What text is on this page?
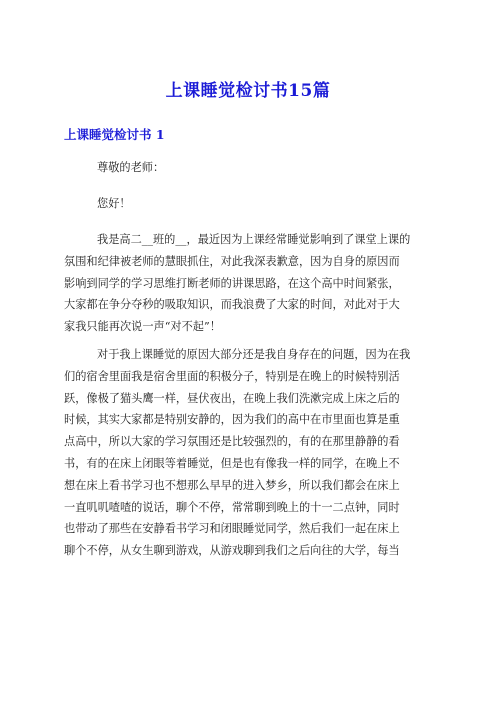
上课睡觉检讨书15篇
上课睡觉检讨书 1
尊敬的老师：
您好！
我是高二__班的__，最近因为上课经常睡觉影响到了课堂上课的
氛围和纪律被老师的慧眼抓住，对此我深表歉意，因为自身的原因而
影响到同学的学习思维打断老师的讲课思路，在这个高中时间紧张，
大家都在争分夺秒的吸取知识，而我浪费了大家的时间，对此对于大
家我只能再次说一声“对不起”！
对于我上课睡觉的原因大部分还是我自身存在的问题，因为在我
们的宿舍里面我是宿舍里面的积极分子，特别是在晚上的时候特别活
跃，像极了猫头鹰一样，昼伏夜出，在晚上我们洗漱完成上床之后的
时候，其实大家都是特别安静的，因为我们的高中在市里面也算是重
点高中，所以大家的学习氛围还是比较强烈的，有的在那里静静的看
书，有的在床上闭眼等着睡觉，但是也有像我一样的同学，在晚上不
想在床上看书学习也不想那么早早的进入梦乡，所以我们都会在床上
一直叽叽喳喳的说话，聊个不停，常常聊到晚上的十一二点钟，同时
也带动了那些在安静看书学习和闭眼睡觉同学，然后我们一起在床上
聊个不停，从女生聊到游戏，从游戏聊到我们之后向往的大学，每当
